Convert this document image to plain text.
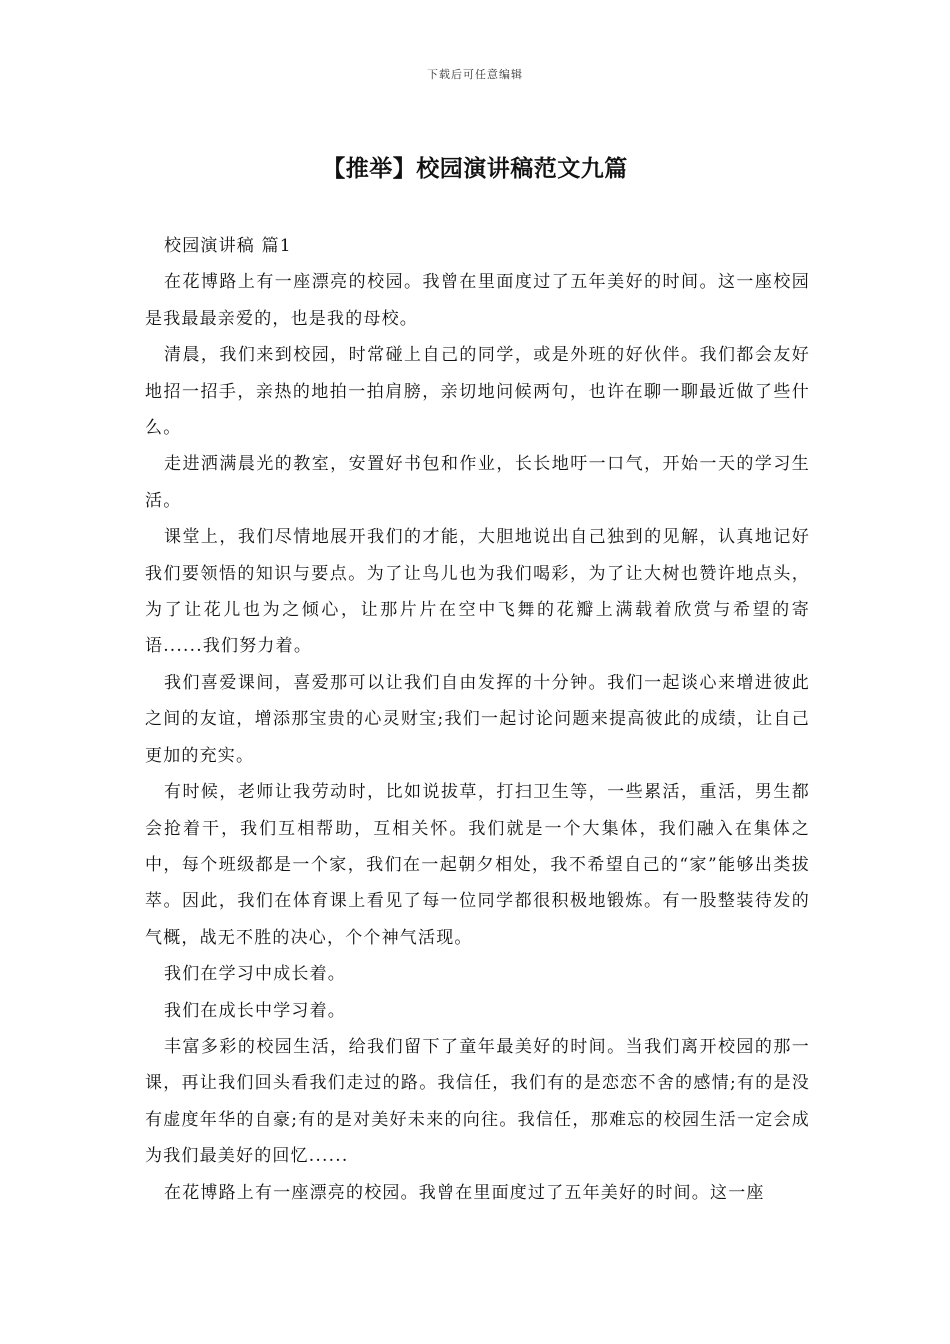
下载后可任意编辑
【推举】校园演讲稿范文九篇

校园演讲稿 篇1

在花博路上有一座漂亮的校园。我曾在里面度过了五年美好的时间。这一座校园是我最最亲爱的，也是我的母校。

清晨，我们来到校园，时常碰上自己的同学，或是外班的好伙伴。我们都会友好地招一招手，亲热的地拍一拍肩膀，亲切地问候两句，也许在聊一聊最近做了些什么。

走进洒满晨光的教室，安置好书包和作业，长长地吁一口气，开始一天的学习生活。

课堂上，我们尽情地展开我们的才能，大胆地说出自己独到的见解，认真地记好我们要领悟的知识与要点。为了让鸟儿也为我们喝彩，为了让大树也赞许地点头，为了让花儿也为之倾心，让那片片在空中飞舞的花瓣上满载着欣赏与希望的寄语......我们努力着。

我们喜爱课间，喜爱那可以让我们自由发挥的十分钟。我们一起谈心来增进彼此之间的友谊，增添那宝贵的心灵财宝;我们一起讨论问题来提高彼此的成绩，让自己更加的充实。

有时候，老师让我劳动时，比如说拔草，打扫卫生等，一些累活，重活，男生都会抢着干，我们互相帮助，互相关怀。我们就是一个大集体，我们融入在集体之中，每个班级都是一个家，我们在一起朝夕相处，我不希望自己的“家”能够出类拔萃。因此，我们在体育课上看见了每一位同学都很积极地锻炼。有一股整装待发的气概，战无不胜的决心，个个神气活现。

我们在学习中成长着。

我们在成长中学习着。

丰富多彩的校园生活，给我们留下了童年最美好的时间。当我们离开校园的那一课，再让我们回头看我们走过的路。我信任，我们有的是恋恋不舍的感情;有的是没有虚度年华的自豪;有的是对美好未来的向往。我信任，那难忘的校园生活一定会成为我们最美好的回忆......

在花博路上有一座漂亮的校园。我曾在里面度过了五年美好的时间。这一座
